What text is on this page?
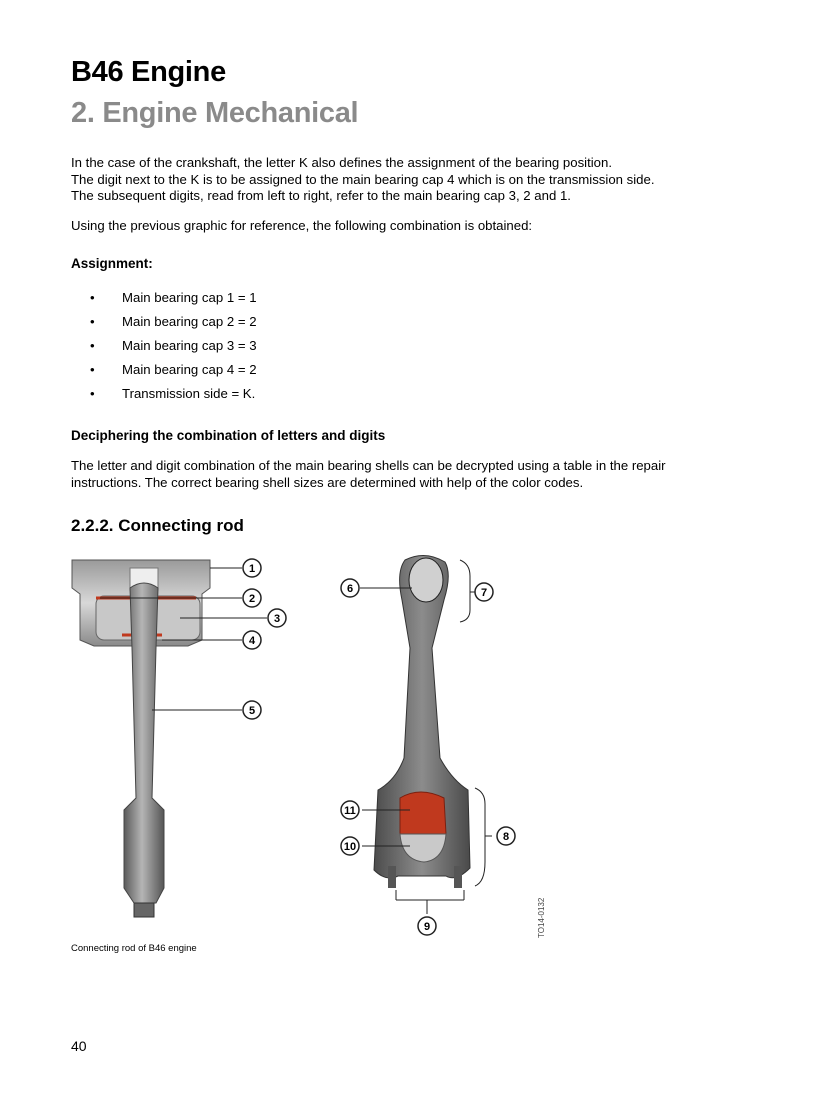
B46 Engine
2. Engine Mechanical
In the case of the crankshaft, the letter K also defines the assignment of the bearing position.
The digit next to the K is to be assigned to the main bearing cap 4 which is on the transmission side.
The subsequent digits, read from left to right, refer to the main bearing cap 3, 2 and 1.
Using the previous graphic for reference, the following combination is obtained:
Assignment:
• Main bearing cap 1 = 1
• Main bearing cap 2 = 2
• Main bearing cap 3 = 3
• Main bearing cap 4 = 2
• Transmission side = K.
Deciphering the combination of letters and digits
The letter and digit combination of the main bearing shells can be decrypted using a table in the repair
instructions. The correct bearing shell sizes are determined with help of the color codes.
2.2.2. Connecting rod
1
2
3
4
5
6	7
8
9
10
11
TO14-0132
Connecting rod of B46 engine
40
